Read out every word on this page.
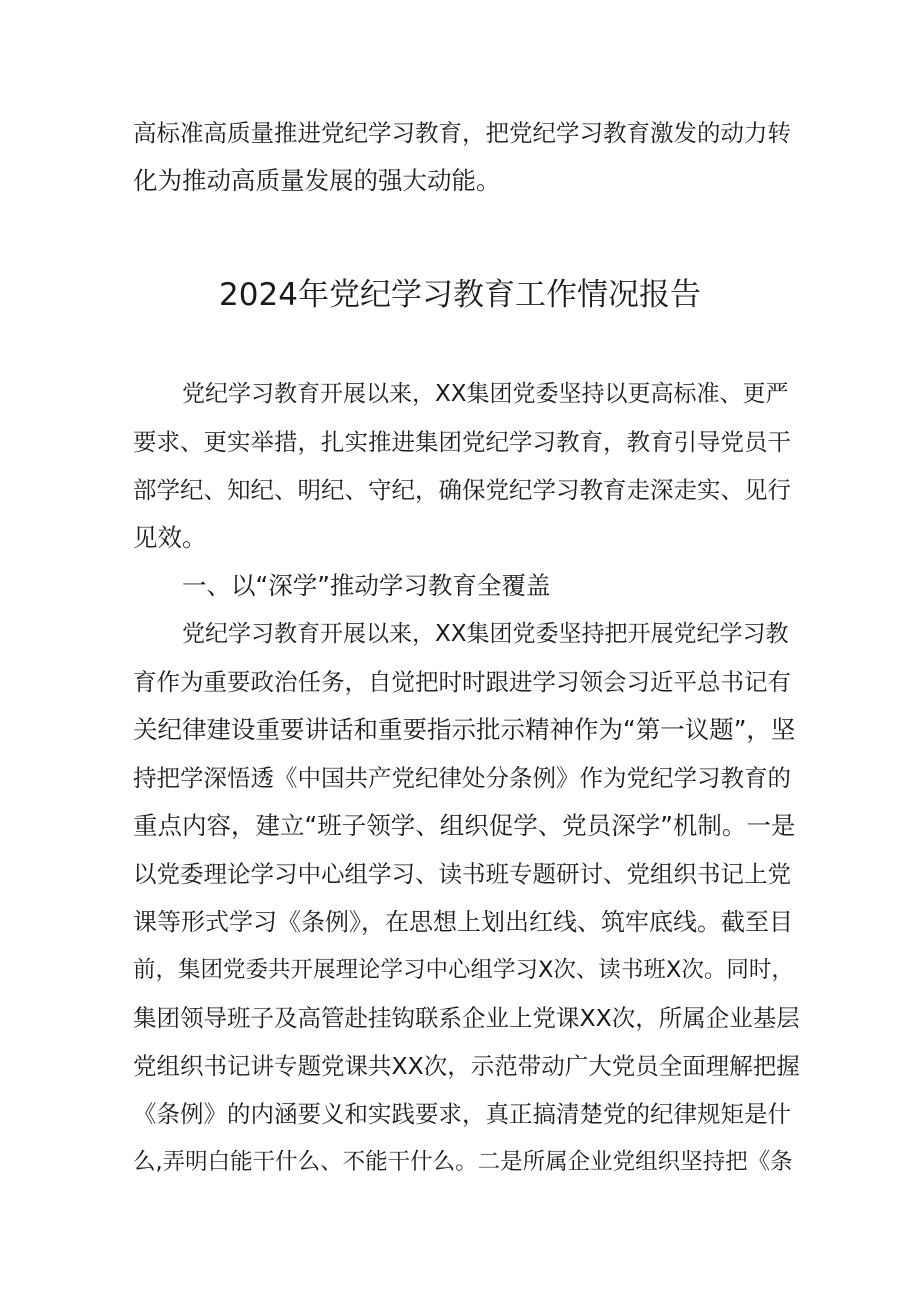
高标准高质量推进党纪学习教育，把党纪学习教育激发的动力转
化为推动高质量发展的强大动能。
2024年党纪学习教育工作情况报告
党纪学习教育开展以来，XX集团党委坚持以更高标准、更严
要求、更实举措，扎实推进集团党纪学习教育，教育引导党员干
部学纪、知纪、明纪、守纪，确保党纪学习教育走深走实、见行
见效。
一、以“深学”推动学习教育全覆盖
党纪学习教育开展以来，XX集团党委坚持把开展党纪学习教
育作为重要政治任务，自觉把时时跟进学习领会习近平总书记有
关纪律建设重要讲话和重要指示批示精神作为“第一议题”，坚
持把学深悟透《中国共产党纪律处分条例》作为党纪学习教育的
重点内容，建立“班子领学、组织促学、党员深学”机制。一是
以党委理论学习中心组学习、读书班专题研讨、党组织书记上党
课等形式学习《条例》，在思想上划出红线、筑牢底线。截至目
前，集团党委共开展理论学习中心组学习X次、读书班X次。同时，
集团领导班子及高管赴挂钩联系企业上党课XX次，所属企业基层
党组织书记讲专题党课共XX次，示范带动广大党员全面理解把握
《条例》的内涵要义和实践要求，真正搞清楚党的纪律规矩是什
么,弄明白能干什么、不能干什么。二是所属企业党组织坚持把《条
